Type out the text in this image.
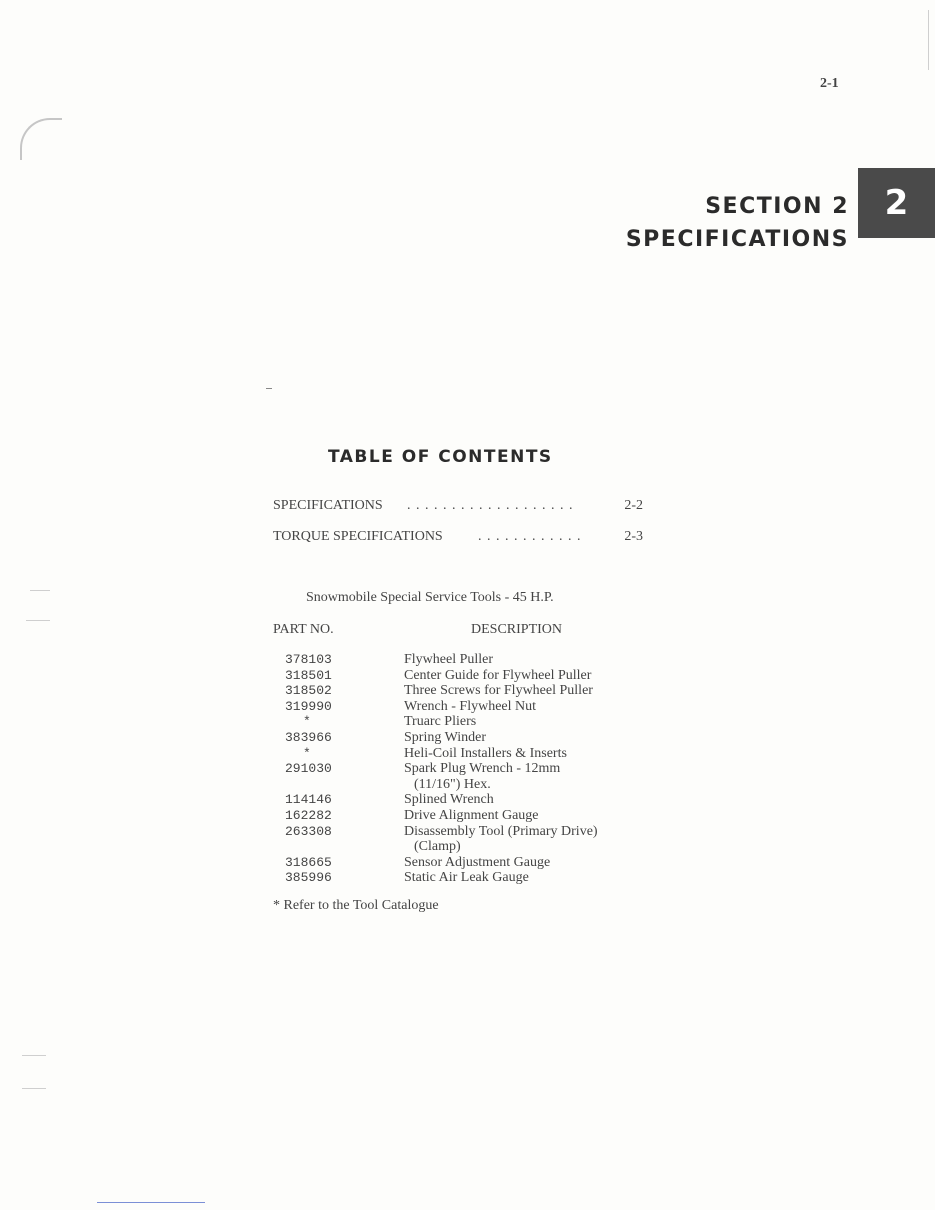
2-1
SECTION 2
SPECIFICATIONS
2
TABLE OF CONTENTS
SPECIFICATIONS . . . . . . . . . . . . . . . . . . .	2-2
TORQUE SPECIFICATIONS	. . . . . . . . . . . .	2-3
Snowmobile Special Service Tools - 45 H.P.
PART NO.	DESCRIPTION
378103	Flywheel Puller
318501	Center Guide for Flywheel Puller
318502	Three Screws for Flywheel Puller
319990	Wrench - Flywheel Nut
*	Truarc Pliers
383966	Spring Winder
*	Heli-Coil Installers & Inserts
291030	Spark Plug Wrench - 12mm
(11/16") Hex.
114146	Splined Wrench
162282	Drive Alignment Gauge
263308	Disassembly Tool (Primary Drive)
(Clamp)
318665	Sensor Adjustment Gauge
385996	Static Air Leak Gauge
* Refer to the Tool Catalogue
